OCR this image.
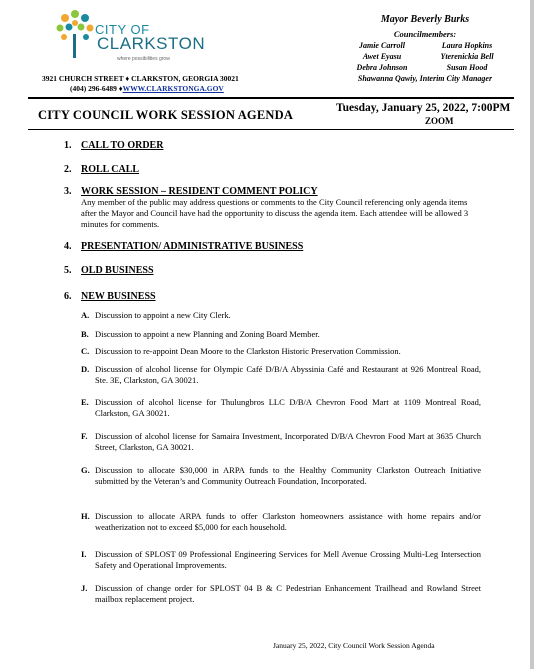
CITY OF
CLARKSTON
where possibilities grow
3921 CHURCH STREET ♦ CLARKSTON, GEORGIA 30021
(404) 296-6489 ♦WWW.CLARKSTONGA.GOV
Mayor Beverly Burks
Councilmembers:
Jamie Carroll	Laura Hopkins
Awet Eyasu	Yterenickia Bell
Debra Johnson	Susan Hood
Shawanna Qawiy, Interim City Manager
CITY COUNCIL WORK SESSION AGENDA	Tuesday, January 25, 2022, 7:00PM
ZOOM
1. CALL TO ORDER
2. ROLL CALL
3. WORK SESSION – RESIDENT COMMENT POLICY
Any member of the public may address questions or comments to the City Council referencing only agenda items after the Mayor and Council have had the opportunity to discuss the agenda item. Each attendee will be allowed 3 minutes for comments.
4. PRESENTATION/ ADMINISTRATIVE BUSINESS
5. OLD BUSINESS
6. NEW BUSINESS
A. Discussion to appoint a new City Clerk.
B. Discussion to appoint a new Planning and Zoning Board Member.
C. Discussion to re-appoint Dean Moore to the Clarkston Historic Preservation Commission.
D. Discussion of alcohol license for Olympic Café D/B/A Abyssinia Café and Restaurant at 926 Montreal Road, Ste. 3E, Clarkston, GA 30021.
E. Discussion of alcohol license for Thulungbros LLC D/B/A Chevron Food Mart at 1109 Montreal Road, Clarkston, GA 30021.
F. Discussion of alcohol license for Samaira Investment, Incorporated D/B/A Chevron Food Mart at 3635 Church Street, Clarkston, GA 30021.
G. Discussion to allocate $30,000 in ARPA funds to the Healthy Community Clarkston Outreach Initiative submitted by the Veteran’s and Community Outreach Foundation, Incorporated.
H. Discussion to allocate ARPA funds to offer Clarkston homeowners assistance with home repairs and/or weatherization not to exceed $5,000 for each household.
I. Discussion of SPLOST 09 Professional Engineering Services for Mell Avenue Crossing Multi-Leg Intersection Safety and Operational Improvements.
J. Discussion of change order for SPLOST 04 B & C Pedestrian Enhancement Trailhead and Rowland Street mailbox replacement project.
January 25, 2022, City Council Work Session Agenda
